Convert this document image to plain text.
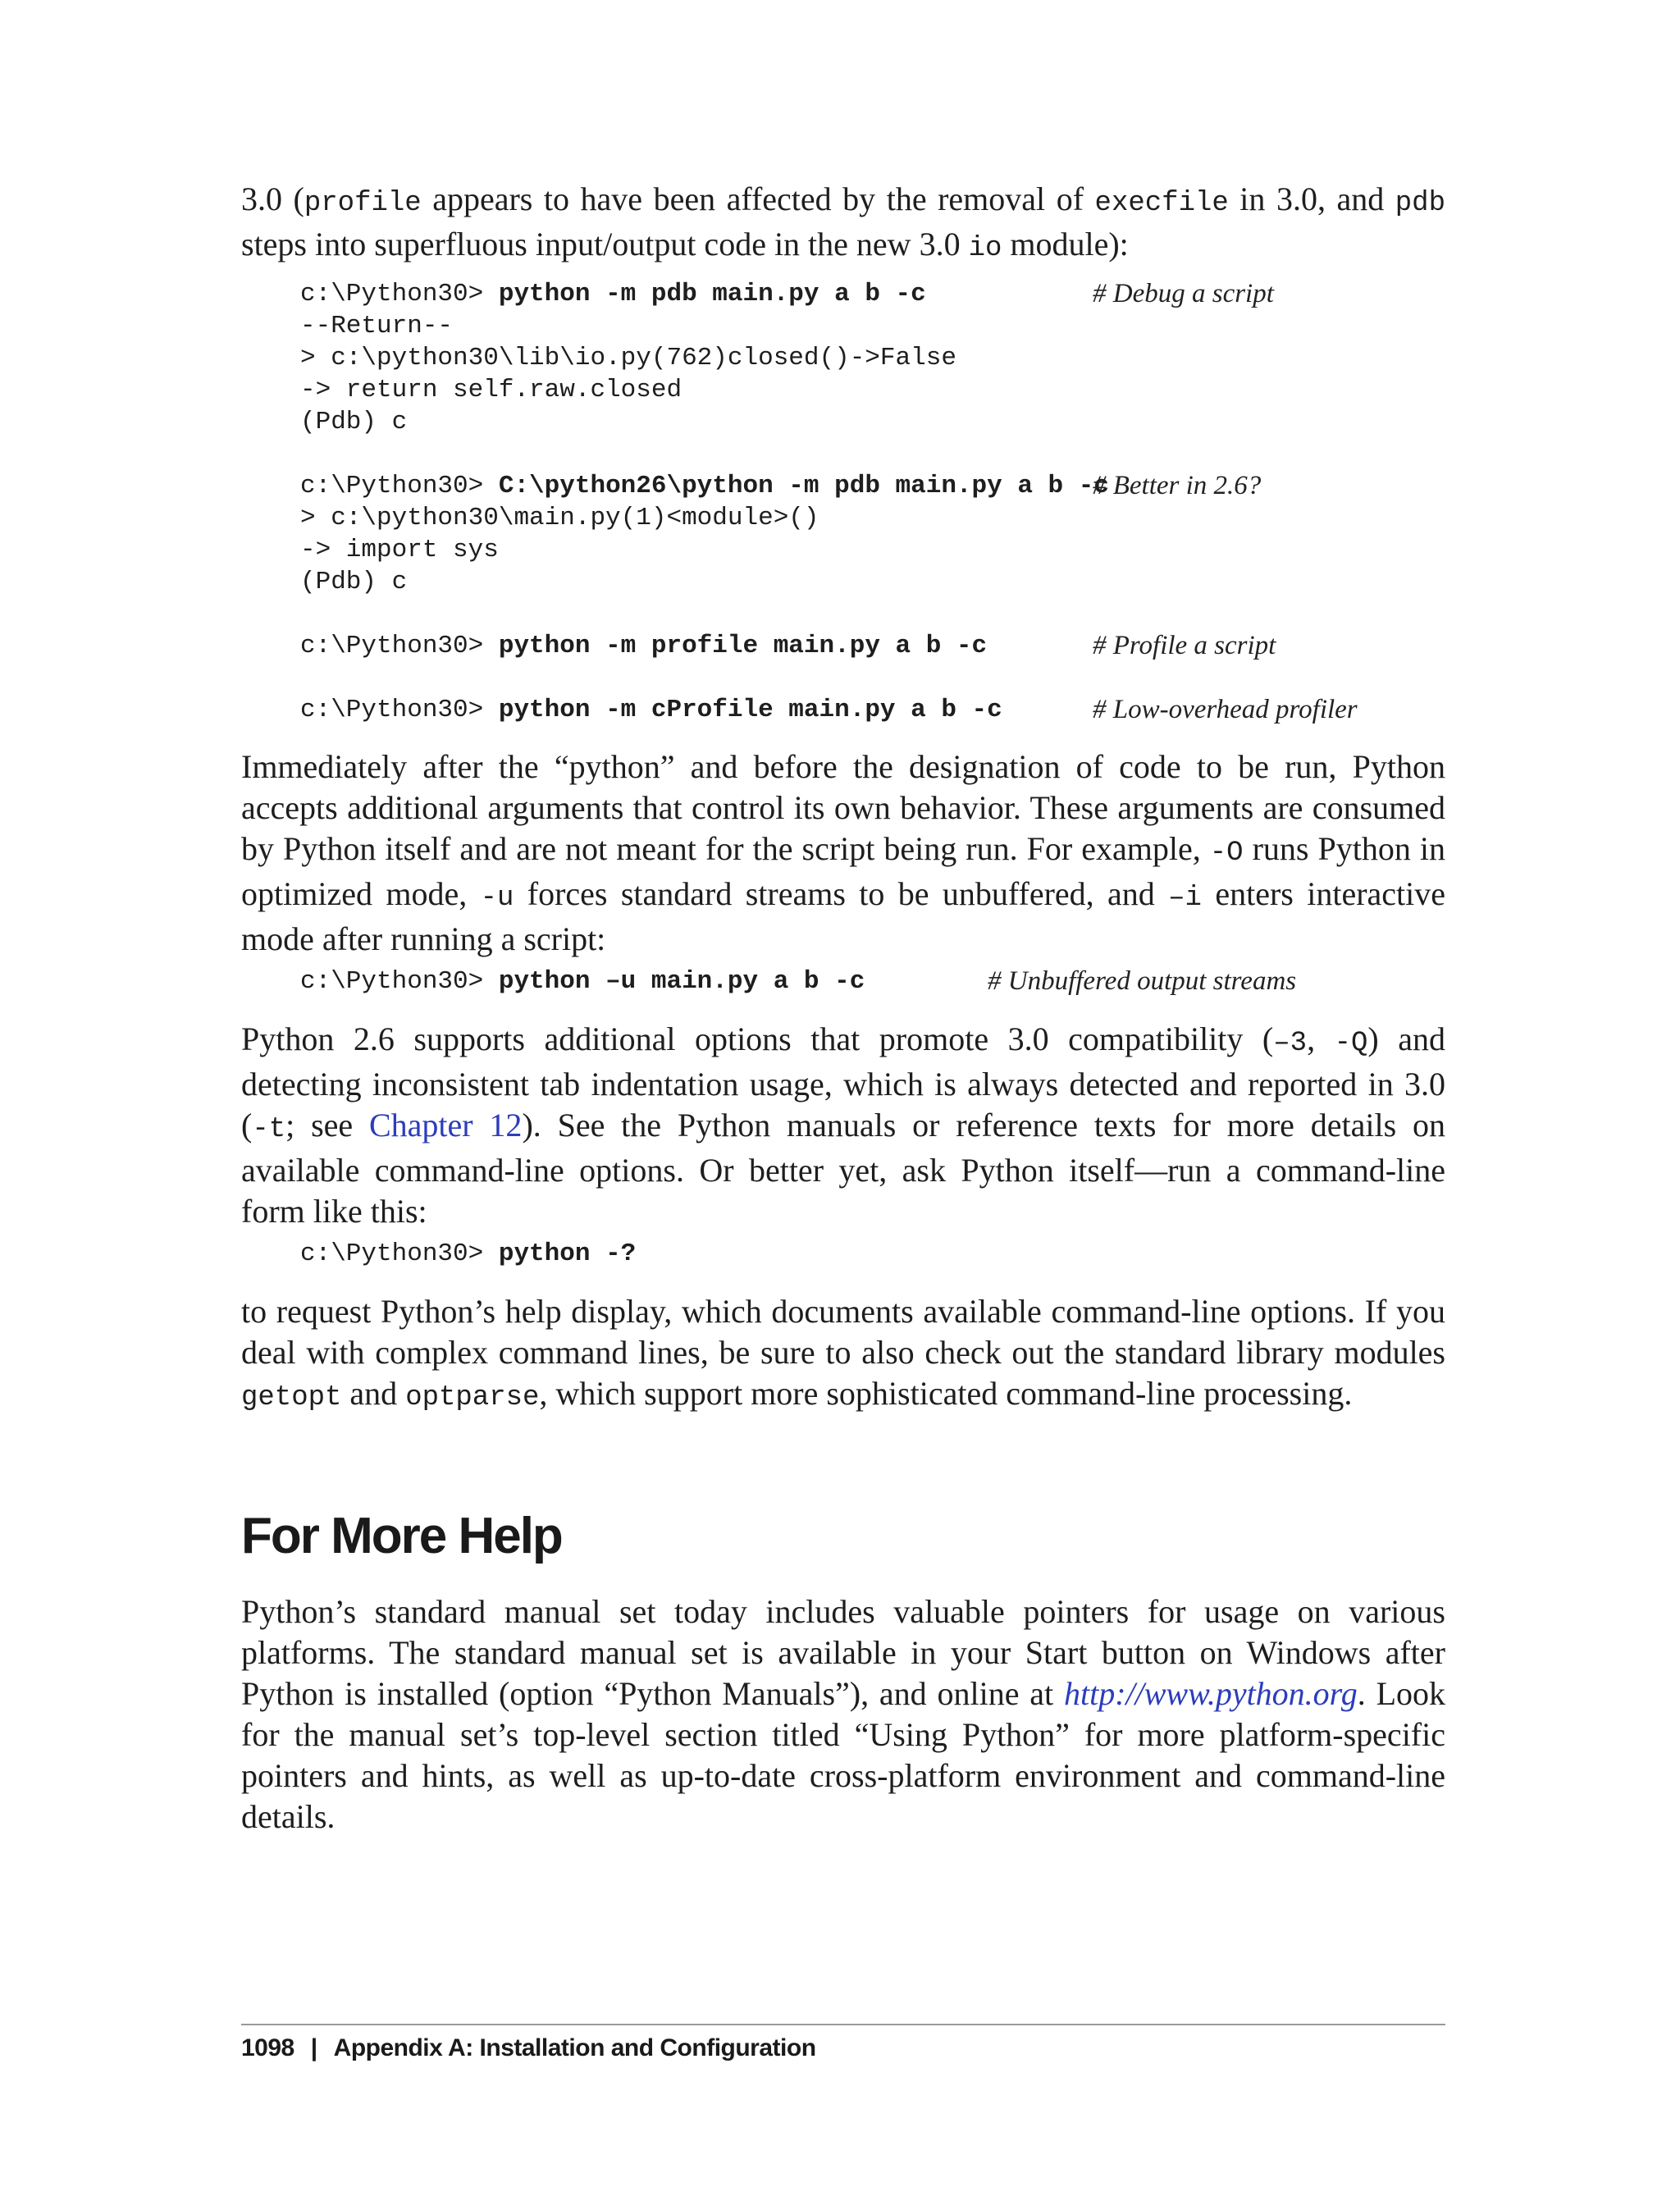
3.0 (profile appears to have been affected by the removal of execfile in 3.0, and pdb steps into superfluous input/output code in the new 3.0 io module):

c:\Python30> python -m pdb main.py a b -c	# Debug a script
--Return--
> c:\python30\lib\io.py(762)closed()->False
-> return self.raw.closed
(Pdb) c
c:\Python30> C:\python26\python -m pdb main.py a b -c
# Better in 2.6?
> c:\python30\main.py(1)<module>()
-> import sys
(Pdb) c
c:\Python30> python -m profile main.py a b -c	# Profile a script
c:\Python30> python -m cProfile main.py a b -c	# Low-overhead profiler

Immediately after the “python” and before the designation of code to be run, Python accepts additional arguments that control its own behavior. These arguments are consumed by Python itself and are not meant for the script being run. For example, -O runs Python in optimized mode, -u forces standard streams to be unbuffered, and –i enters interactive mode after running a script:

c:\Python30> python –u main.py a b -c	# Unbuffered output streams

Python 2.6 supports additional options that promote 3.0 compatibility (–3, -Q) and detecting inconsistent tab indentation usage, which is always detected and reported in 3.0 (-t; see Chapter 12). See the Python manuals or reference texts for more details on available command-line options. Or better yet, ask Python itself—run a command-line form like this:

c:\Python30> python -?

to request Python’s help display, which documents available command-line options. If you deal with complex command lines, be sure to also check out the standard library modules getopt and optparse, which support more sophisticated command-line processing.

For More Help

Python’s standard manual set today includes valuable pointers for usage on various platforms. The standard manual set is available in your Start button on Windows after Python is installed (option “Python Manuals”), and online at http://www.python.org. Look for the manual set’s top-level section titled “Using Python” for more platform-specific pointers and hints, as well as up-to-date cross-platform environment and command-line details.

1098 | Appendix A: Installation and Configuration
